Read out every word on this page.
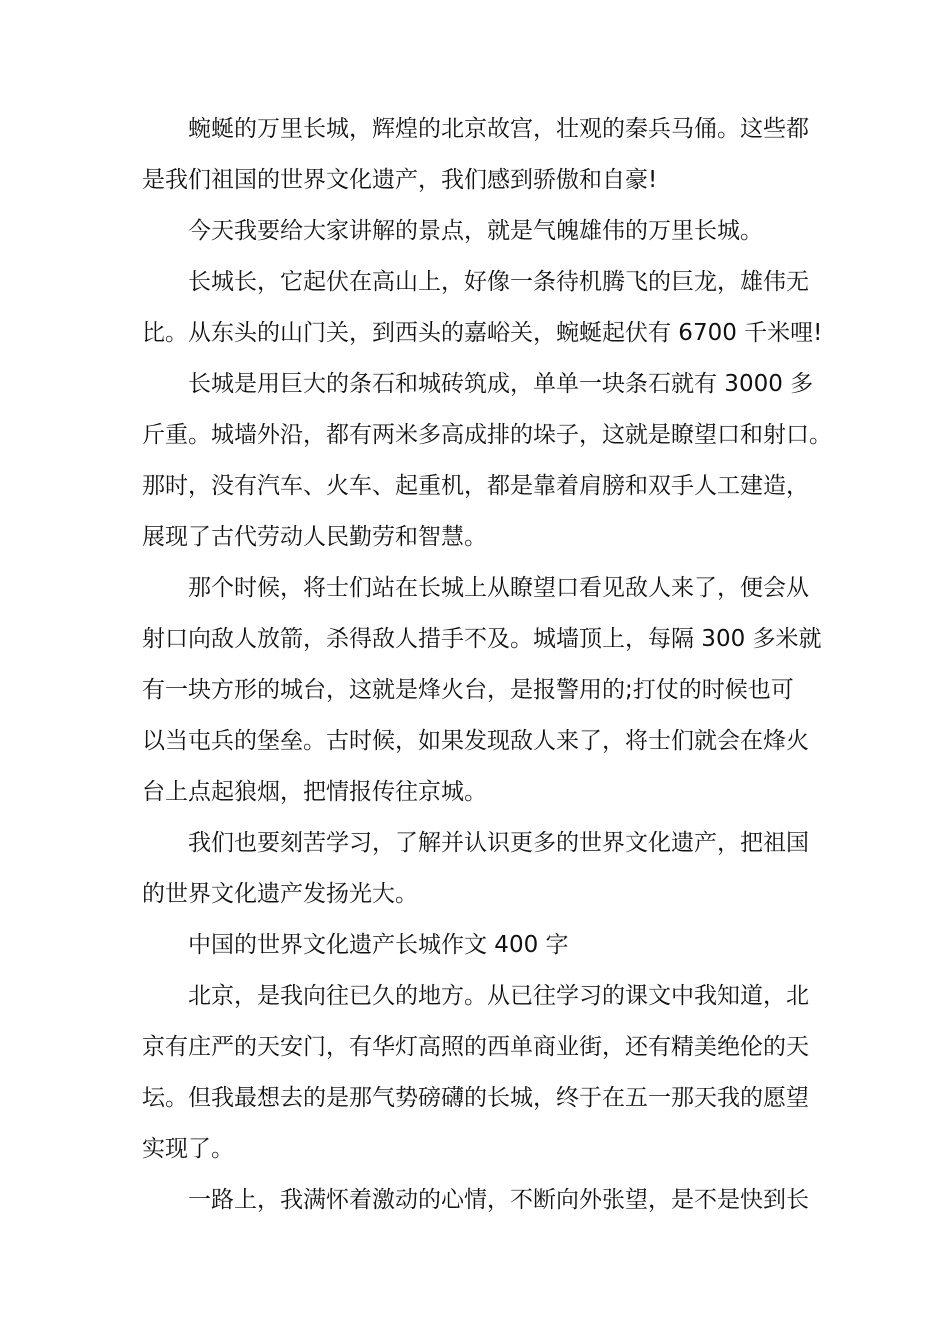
蜿蜒的万里长城，辉煌的北京故宫，壮观的秦兵马俑。这些都
是我们祖国的世界文化遗产，我们感到骄傲和自豪!
今天我要给大家讲解的景点，就是气魄雄伟的万里长城。
长城长，它起伏在高山上，好像一条待机腾飞的巨龙，雄伟无
比。从东头的山门关，到西头的嘉峪关，蜿蜒起伏有 6700 千米哩!
长城是用巨大的条石和城砖筑成，单单一块条石就有 3000 多
斤重。城墙外沿，都有两米多高成排的垛子，这就是瞭望口和射口。
那时，没有汽车、火车、起重机，都是靠着肩膀和双手人工建造，
展现了古代劳动人民勤劳和智慧。
那个时候，将士们站在长城上从瞭望口看见敌人来了，便会从
射口向敌人放箭，杀得敌人措手不及。城墙顶上，每隔 300 多米就
有一块方形的城台，这就是烽火台，是报警用的;打仗的时候也可
以当屯兵的堡垒。古时候，如果发现敌人来了，将士们就会在烽火
台上点起狼烟，把情报传往京城。
我们也要刻苦学习，了解并认识更多的世界文化遗产，把祖国
的世界文化遗产发扬光大。
中国的世界文化遗产长城作文 400 字
北京，是我向往已久的地方。从已往学习的课文中我知道，北
京有庄严的天安门，有华灯高照的西单商业街，还有精美绝伦的天
坛。但我最想去的是那气势磅礴的长城，终于在五一那天我的愿望
实现了。
一路上，我满怀着激动的心情，不断向外张望，是不是快到长
